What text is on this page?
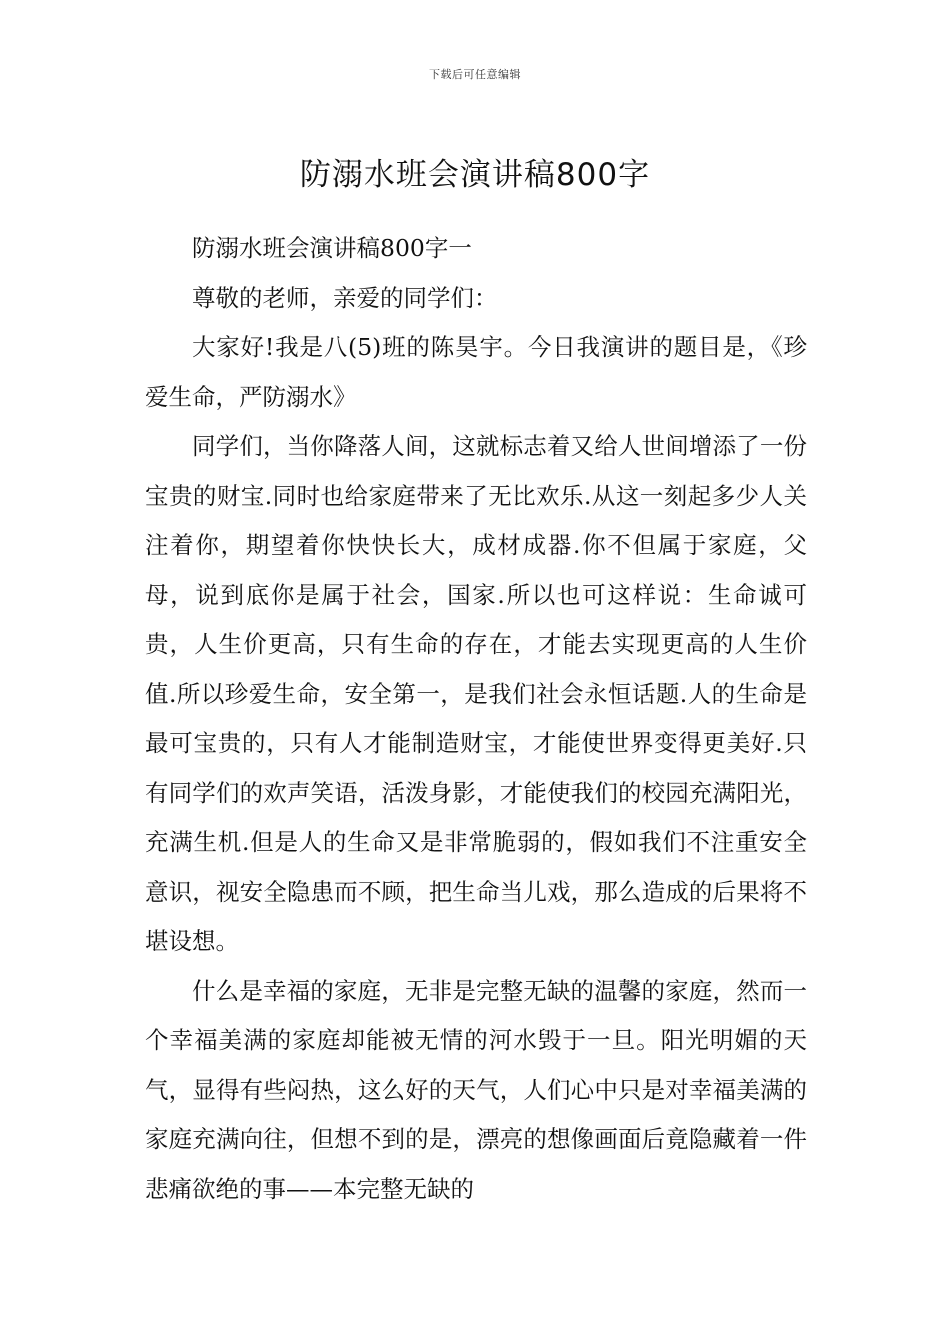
下载后可任意编辑
防溺水班会演讲稿800字

防溺水班会演讲稿800字一

尊敬的老师，亲爱的同学们：

大家好!我是八(5)班的陈昊宇。今日我演讲的题目是，《珍爱生命，严防溺水》

同学们，当你降落人间，这就标志着又给人世间增添了一份宝贵的财宝.同时也给家庭带来了无比欢乐.从这一刻起多少人关注着你，期望着你快快长大，成材成器.你不但属于家庭，父母，说到底你是属于社会，国家.所以也可这样说：生命诚可贵，人生价更高，只有生命的存在，才能去实现更高的人生价值.所以珍爱生命，安全第一，是我们社会永恒话题.人的生命是最可宝贵的，只有人才能制造财宝，才能使世界变得更美好.只有同学们的欢声笑语，活泼身影，才能使我们的校园充满阳光，充满生机.但是人的生命又是非常脆弱的，假如我们不注重安全意识，视安全隐患而不顾，把生命当儿戏，那么造成的后果将不堪设想。

什么是幸福的家庭，无非是完整无缺的温馨的家庭，然而一个幸福美满的家庭却能被无情的河水毁于一旦。阳光明媚的天气，显得有些闷热，这么好的天气，人们心中只是对幸福美满的家庭充满向往，但想不到的是，漂亮的想像画面后竟隐藏着一件悲痛欲绝的事——本完整无缺的
